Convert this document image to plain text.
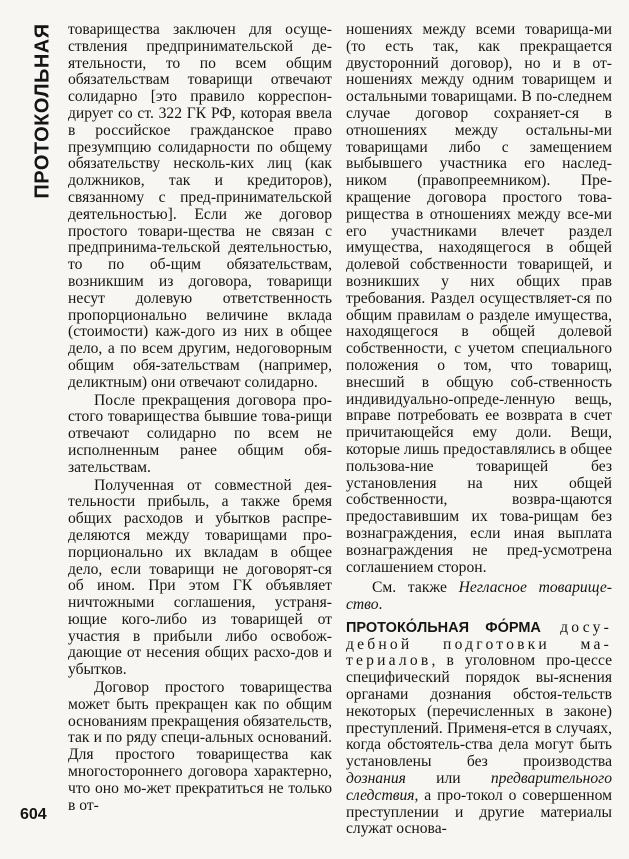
ПРОТОКОЛЬНАЯ товарищества заключен для осуще-ствления предпринимательской де-ятельности, то по всем общим обязательствам товарищи отвечают солидарно [это правило корреспон-дирует со ст. 322 ГК РФ, которая ввела в российское гражданское право презумпцию солидарности по общему обязательству несколь-ких лиц (как должников, так и кредиторов), связанному с пред-принимательской деятельностью]. Если же договор простого товари-щества не связан с предпринима-тельской деятельностью, то по об-щим обязательствам, возникшим из договора, товарищи несут долевую ответственность пропорционально величине вклада (стоимости) каж-дого из них в общее дело, а по всем другим, недоговорным общим обя-зательствам (например, деликтным) они отвечают солидарно.

После прекращения договора про-стого товарищества бывшие това-рищи отвечают солидарно по всем не исполненным ранее общим обя-зательствам.

Полученная от совместной дея-тельности прибыль, а также бремя общих расходов и убытков распре-деляются между товарищами про-порционально их вкладам в общее дело, если товарищи не договорят-ся об ином. При этом ГК объявляет ничтожными соглашения, устраня-ющие кого-либо из товарищей от участия в прибыли либо освобож-дающие от несения общих расхо-дов и убытков.

Договор простого товарищества может быть прекращен как по общим основаниям прекращения обязательств, так и по ряду специ-альных оснований. Для простого товарищества как многостороннего договора характерно, что оно мо-жет прекратиться не только в от-

ношениях между всеми товарища-ми (то есть так, как прекращается двусторонний договор), но и в от-ношениях между одним товарищем и остальными товарищами. В по-следнем случае договор сохраняет-ся в отношениях между остальны-ми товарищами либо с замещением выбывшего участника его наслед-ником (правопреемником). Пре-кращение договора простого това-рищества в отношениях между все-ми его участниками влечет раздел имущества, находящегося в общей долевой собственности товарищей, и возникших у них общих прав требования. Раздел осуществляет-ся по общим правилам о разделе имущества, находящегося в общей долевой собственности, с учетом специального положения о том, что товарищ, внесший в общую соб-ственность индивидуально-опреде-ленную вещь, вправе потребовать ее возврата в счет причитающейся ему доли. Вещи, которые лишь предоставлялись в общее пользова-ние товарищей без установления на них общей собственности, возвра-щаются предоставившим их това-рищам без вознаграждения, если иная выплата вознаграждения не пред-усмотрена соглашением сторон.

См. также Негласное товарище-ство.

ПРОТОКО́ЛЬНАЯ ФО́РМА досу-дебной подготовки ма-териалов, в уголовном про-цессе специфический порядок вы-яснения органами дознания обстоя-тельств некоторых (перечисленных в законе) преступлений. Применя-ется в случаях, когда обстоятель-ства дела могут быть установлены без производства дознания или предварительного следствия, а про-токол о совершенном преступлении и другие материалы служат основа-

604
